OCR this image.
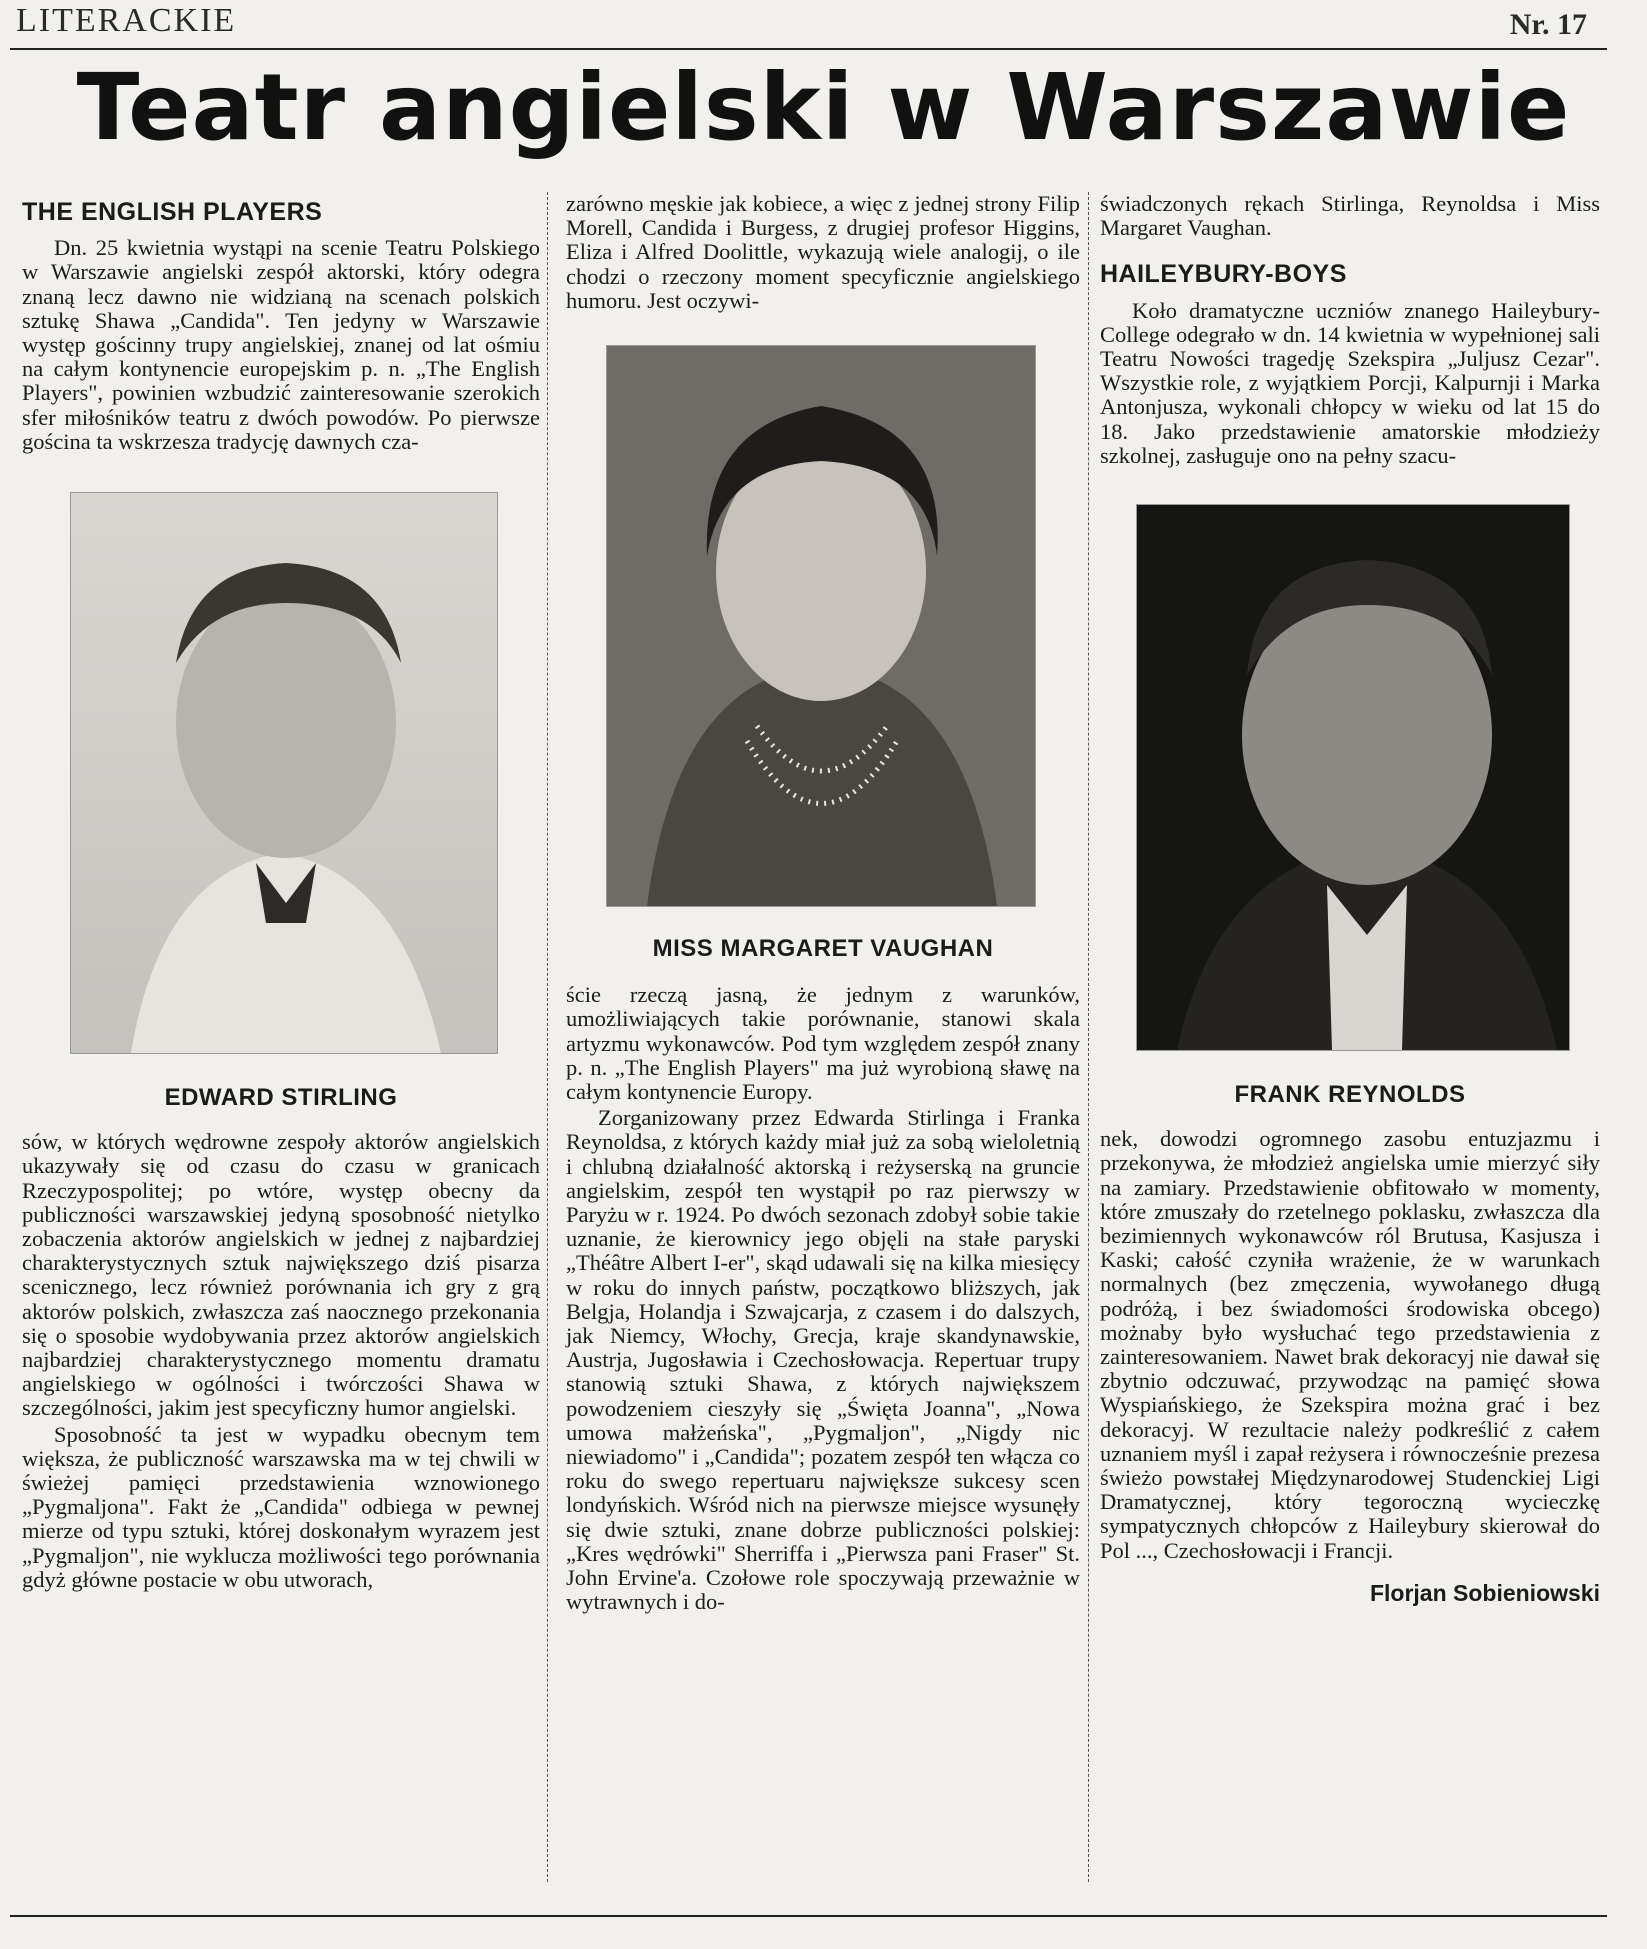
LITERACKIE	Nr. 17
Teatr angielski w Warszawie
THE ENGLISH PLAYERS

Dn. 25 kwietnia wystąpi na scenie Teatru Polskiego w Warszawie angielski zespół aktorski, który odegra znaną lecz dawno nie widzianą na scenach polskich sztukę Shawa „Candida". Ten jedyny w Warszawie występ gościnny trupy angielskiej, znanej od lat ośmiu na całym kontynencie europejskim p. n. „The English Players", powinien wzbudzić zainteresowanie szerokich sfer miłośników teatru z dwóch powodów. Po pierwsze gościna ta wskrzesza tradycję dawnych cza-

EDWARD STIRLING

sów, w których wędrowne zespoły aktorów angielskich ukazywały się od czasu do czasu w granicach Rzeczypospolitej; po wtóre, występ obecny da publiczności warszawskiej jedyną sposobność nietylko zobaczenia aktorów angielskich w jednej z najbardziej charakterystycznych sztuk największego dziś pisarza scenicznego, lecz również porównania ich gry z grą aktorów polskich, zwłaszcza zaś naocznego przekonania się o sposobie wydobywania przez aktorów angielskich najbardziej charakterystycznego momentu dramatu angielskiego w ogólności i twórczości Shawa w szczególności, jakim jest specyficzny humor angielski.

Sposobność ta jest w wypadku obecnym tem większa, że publiczność warszawska ma w tej chwili w świeżej pamięci przedstawienia wznowionego „Pygmaljona". Fakt że „Candida" odbiega w pewnej mierze od typu sztuki, której doskonałym wyrazem jest „Pygmaljon", nie wyklucza możliwości tego porównania gdyż główne postacie w obu utworach,

zarówno męskie jak kobiece, a więc z jednej strony Filip Morell, Candida i Burgess, z drugiej profesor Higgins, Eliza i Alfred Doolittle, wykazują wiele analogij, o ile chodzi o rzeczony moment specyficznie angielskiego humoru. Jest oczywi-

MISS MARGARET VAUGHAN

ście rzeczą jasną, że jednym z warunków, umożliwiających takie porównanie, stanowi skala artyzmu wykonawców. Pod tym względem zespół znany p. n. „The English Players" ma już wyrobioną sławę na całym kontynencie Europy.

Zorganizowany przez Edwarda Stirlinga i Franka Reynoldsa, z których każdy miał już za sobą wieloletnią i chlubną działalność aktorską i reżyserską na gruncie angielskim, zespół ten wystąpił po raz pierwszy w Paryżu w r. 1924. Po dwóch sezonach zdobył sobie takie uznanie, że kierownicy jego objęli na stałe paryski „Théâtre Albert I-er", skąd udawali się na kilka miesięcy w roku do innych państw, początkowo bliższych, jak Belgja, Holandja i Szwajcarja, z czasem i do dalszych, jak Niemcy, Włochy, Grecja, kraje skandynawskie, Austrja, Jugosławia i Czechosłowacja. Repertuar trupy stanowią sztuki Shawa, z których największem powodzeniem cieszyły się „Święta Joanna", „Nowa umowa małżeńska", „Pygmaljon", „Nigdy nic niewiadomo" i „Candida"; pozatem zespół ten włącza co roku do swego repertuaru największe sukcesy scen londyńskich. Wśród nich na pierwsze miejsce wysunęły się dwie sztuki, znane dobrze publiczności polskiej: „Kres wędrówki" Sherriffa i „Pierwsza pani Fraser" St. John Ervine'a. Czołowe role spoczywają przeważnie w wytrawnych i do-

świadczonych rękach Stirlinga, Reynoldsa i Miss Margaret Vaughan.

HAILEYBURY-BOYS

Koło dramatyczne uczniów znanego Haileybury-College odegrało w dn. 14 kwietnia w wypełnionej sali Teatru Nowości tragedję Szekspira „Juljusz Cezar". Wszystkie role, z wyjątkiem Porcji, Kalpurnji i Marka Antonjusza, wykonali chłopcy w wieku od lat 15 do 18. Jako przedstawienie amatorskie młodzieży szkolnej, zasługuje ono na pełny szacu-

FRANK REYNOLDS

nek, dowodzi ogromnego zasobu entuzjazmu i przekonywa, że młodzież angielska umie mierzyć siły na zamiary. Przedstawienie obfitowało w momenty, które zmuszały do rzetelnego poklasku, zwłaszcza dla bezimiennych wykonawców ról Brutusa, Kasjusza i Kaski; całość czyniła wrażenie, że w warunkach normalnych (bez zmęczenia, wywołanego długą podróżą, i bez świadomości środowiska obcego) możnaby było wysłuchać tego przedstawienia z zainteresowaniem. Nawet brak dekoracyj nie dawał się zbytnio odczuwać, przywodząc na pamięć słowa Wyspiańskiego, że Szekspira można grać i bez dekoracyj. W rezultacie należy podkreślić z całem uznaniem myśl i zapał reżysera i równocześnie prezesa świeżo powstałej Międzynarodowej Studenckiej Ligi Dramatycznej, który tegoroczną wycieczkę sympatycznych chłopców z Haileybury skierował do Pol ..., Czechosłowacji i Francji.

Florjan Sobieniowski
